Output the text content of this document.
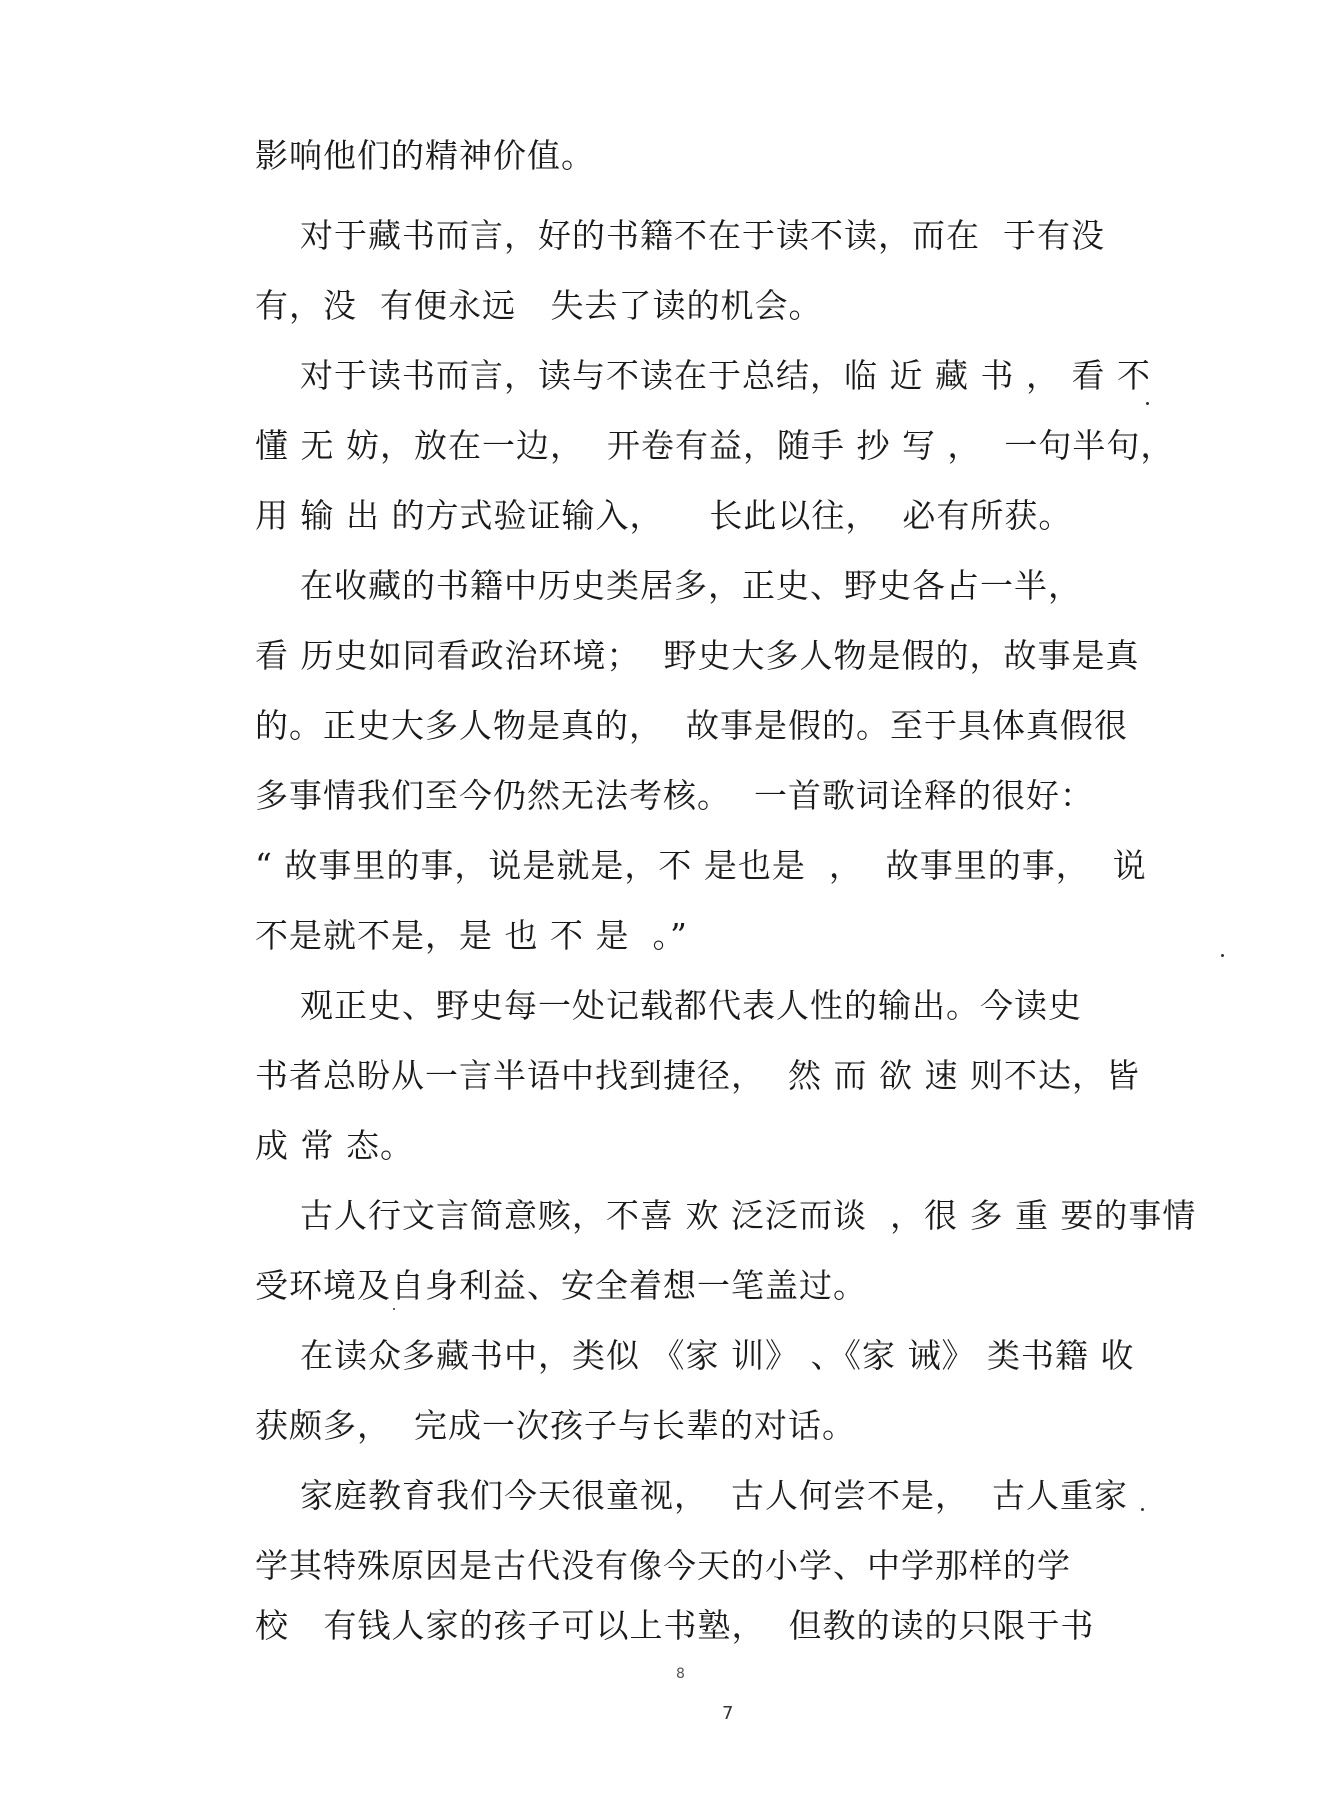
影响他们的精神价值。
对于藏书而言，好的书籍不在于读不读，而在  于有没
有，没  有便永远   失去了读的机会。
对于读书而言，读与不读在于总结，临 近 藏 书 ， 看 不
懂 无 妨，放在一边，  开卷有益，随手 抄 写 ，  一句半句，
用 输 出 的方式验证输入，    长此以往，  必有所获。
在收藏的书籍中历史类居多，正史、野史各占一半，
看 历史如同看政治环境；  野史大多人物是假的，故事是真
的。正史大多人物是真的，  故事是假的。至于具体真假很
多事情我们至今仍然无法考核。  一首歌词诠释的很好：
“ 故事里的事，说是就是，不 是也是  ，  故事里的事，  说
不是就不是，是 也 不 是  。”
观正史、野史每一处记载都代表人性的输出。今读史
书者总盼从一言半语中找到捷径，  然 而 欲 速 则不达，皆
成 常 态。
古人行文言简意赅，不喜 欢 泛泛而谈  ，很 多 重 要的事情
受环境及自身利益、安全着想一笔盖过。
在读众多藏书中，类似 《家 训》 、《家 诫》 类书籍 收
获颇多，  完成一次孩子与长辈的对话。
家庭教育我们今天很童视，  古人何尝不是，  古人重家
学其特殊原因是古代没有像今天的小学、中学那样的学
校   有钱人家的孩子可以上书塾，  但教的读的只限于书
8
7
